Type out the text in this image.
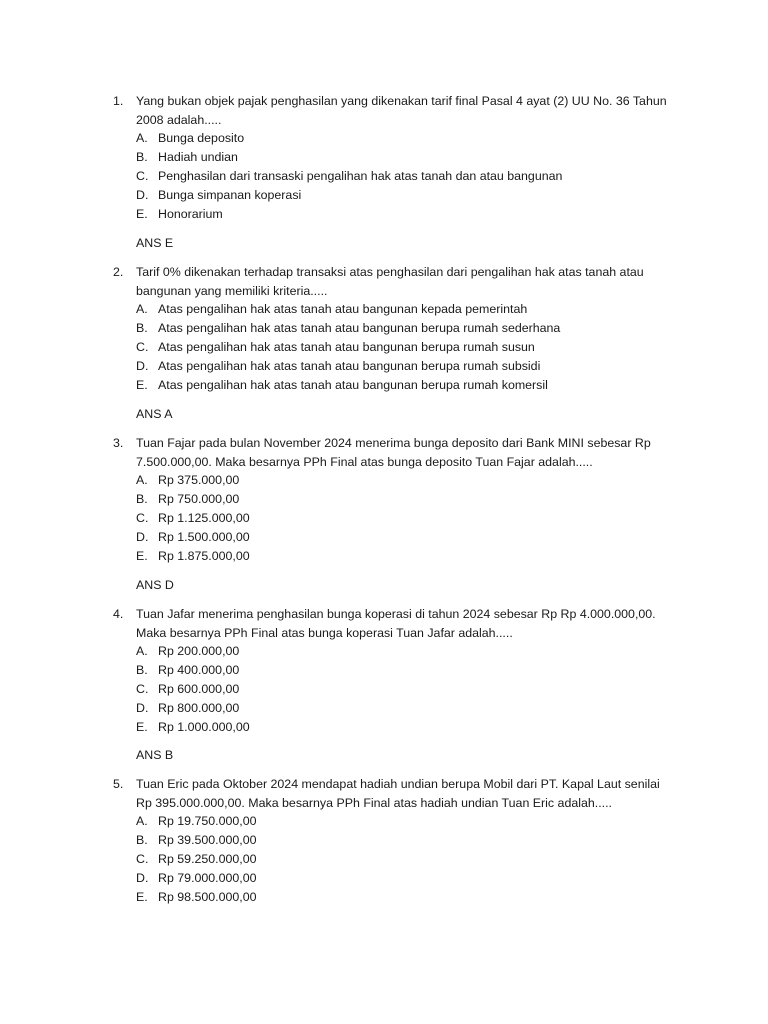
1.	Yang bukan objek pajak penghasilan yang dikenakan tarif final Pasal 4 ayat (2) UU No. 36 Tahun 2008 adalah.....
A. Bunga deposito
B. Hadiah undian
C. Penghasilan dari transaski pengalihan hak atas tanah dan atau bangunan
D. Bunga simpanan koperasi
E. Honorarium
ANS E
2.	Tarif 0% dikenakan terhadap transaksi atas penghasilan dari pengalihan hak atas tanah atau bangunan yang memiliki kriteria.....
A. Atas pengalihan hak atas tanah atau bangunan kepada pemerintah
B. Atas pengalihan hak atas tanah atau bangunan berupa rumah sederhana
C. Atas pengalihan hak atas tanah atau bangunan berupa rumah susun
D. Atas pengalihan hak atas tanah atau bangunan berupa rumah subsidi
E. Atas pengalihan hak atas tanah atau bangunan berupa rumah komersil
ANS A
3.	Tuan Fajar pada bulan November 2024 menerima bunga deposito dari Bank MINI sebesar Rp 7.500.000,00. Maka besarnya PPh Final atas bunga deposito Tuan Fajar adalah.....
A. Rp 375.000,00
B. Rp 750.000,00
C. Rp 1.125.000,00
D. Rp 1.500.000,00
E. Rp 1.875.000,00
ANS D
4.	Tuan Jafar menerima penghasilan bunga koperasi di tahun 2024 sebesar Rp Rp 4.000.000,00. Maka besarnya PPh Final atas bunga koperasi Tuan Jafar adalah.....
A. Rp 200.000,00
B. Rp 400.000,00
C. Rp 600.000,00
D. Rp 800.000,00
E. Rp 1.000.000,00
ANS B
5.	Tuan Eric pada Oktober 2024 mendapat hadiah undian berupa Mobil dari PT. Kapal Laut senilai Rp 395.000.000,00. Maka besarnya PPh Final atas hadiah undian Tuan Eric adalah.....
A. Rp 19.750.000,00
B. Rp 39.500.000,00
C. Rp 59.250.000,00
D. Rp 79.000.000,00
E. Rp 98.500.000,00
